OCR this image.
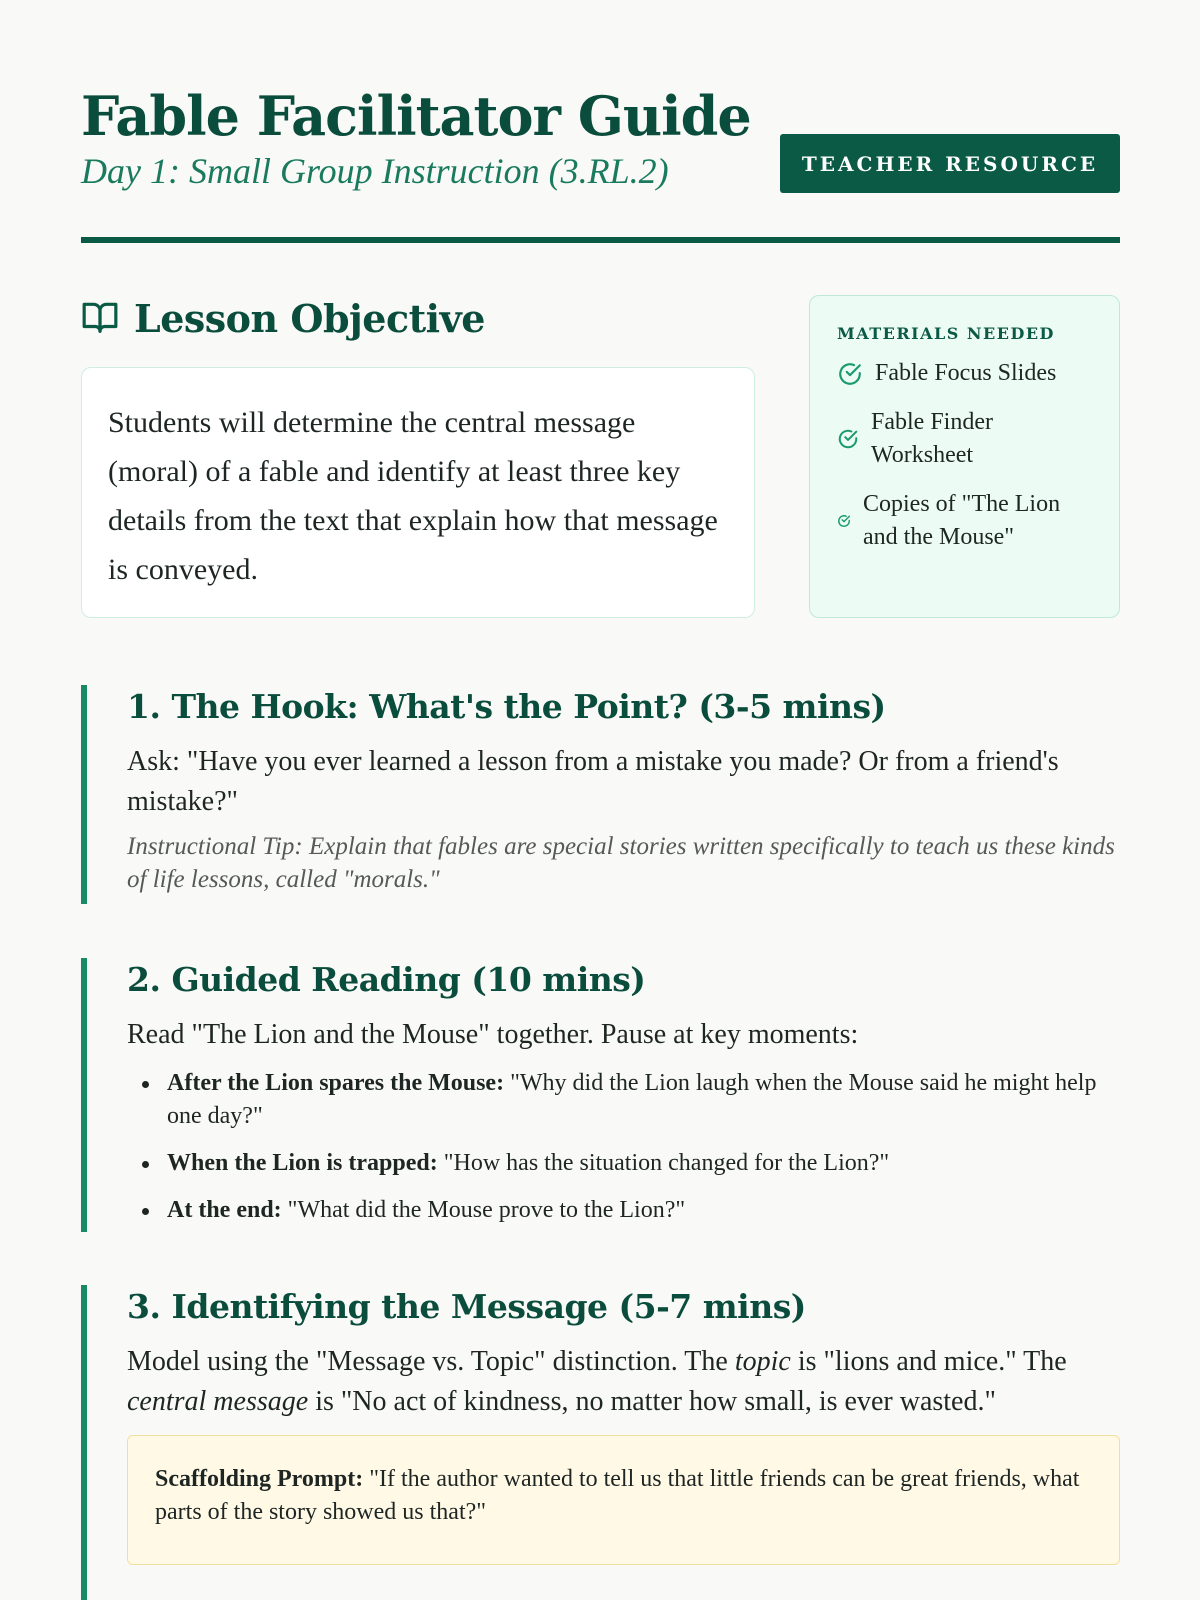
Fable Facilitator Guide
Day 1: Small Group Instruction (3.RL.2)	TEACHER RESOURCE
Lesson Objective
Students will determine the central message (moral) of a fable and identify at least three key details from the text that explain how that message is conveyed.
MATERIALS NEEDED
Fable Focus Slides
Fable Finder Worksheet
Copies of "The Lion and the Mouse"
1. The Hook: What's the Point? (3-5 mins)

Ask: "Have you ever learned a lesson from a mistake you made? Or from a friend's mistake?"

Instructional Tip: Explain that fables are special stories written specifically to teach us these kinds of life lessons, called "morals."

2. Guided Reading (10 mins)

Read "The Lion and the Mouse" together. Pause at key moments:

After the Lion spares the Mouse: "Why did the Lion laugh when the Mouse said he might help one day?"
When the Lion is trapped: "How has the situation changed for the Lion?"
At the end: "What did the Mouse prove to the Lion?"
3. Identifying the Message (5-7 mins)

Model using the "Message vs. Topic" distinction. The topic is "lions and mice." The central message is "No act of kindness, no matter how small, is ever wasted."

Scaffolding Prompt: "If the author wanted to tell us that little friends can be great friends, what parts of the story showed us that?"
